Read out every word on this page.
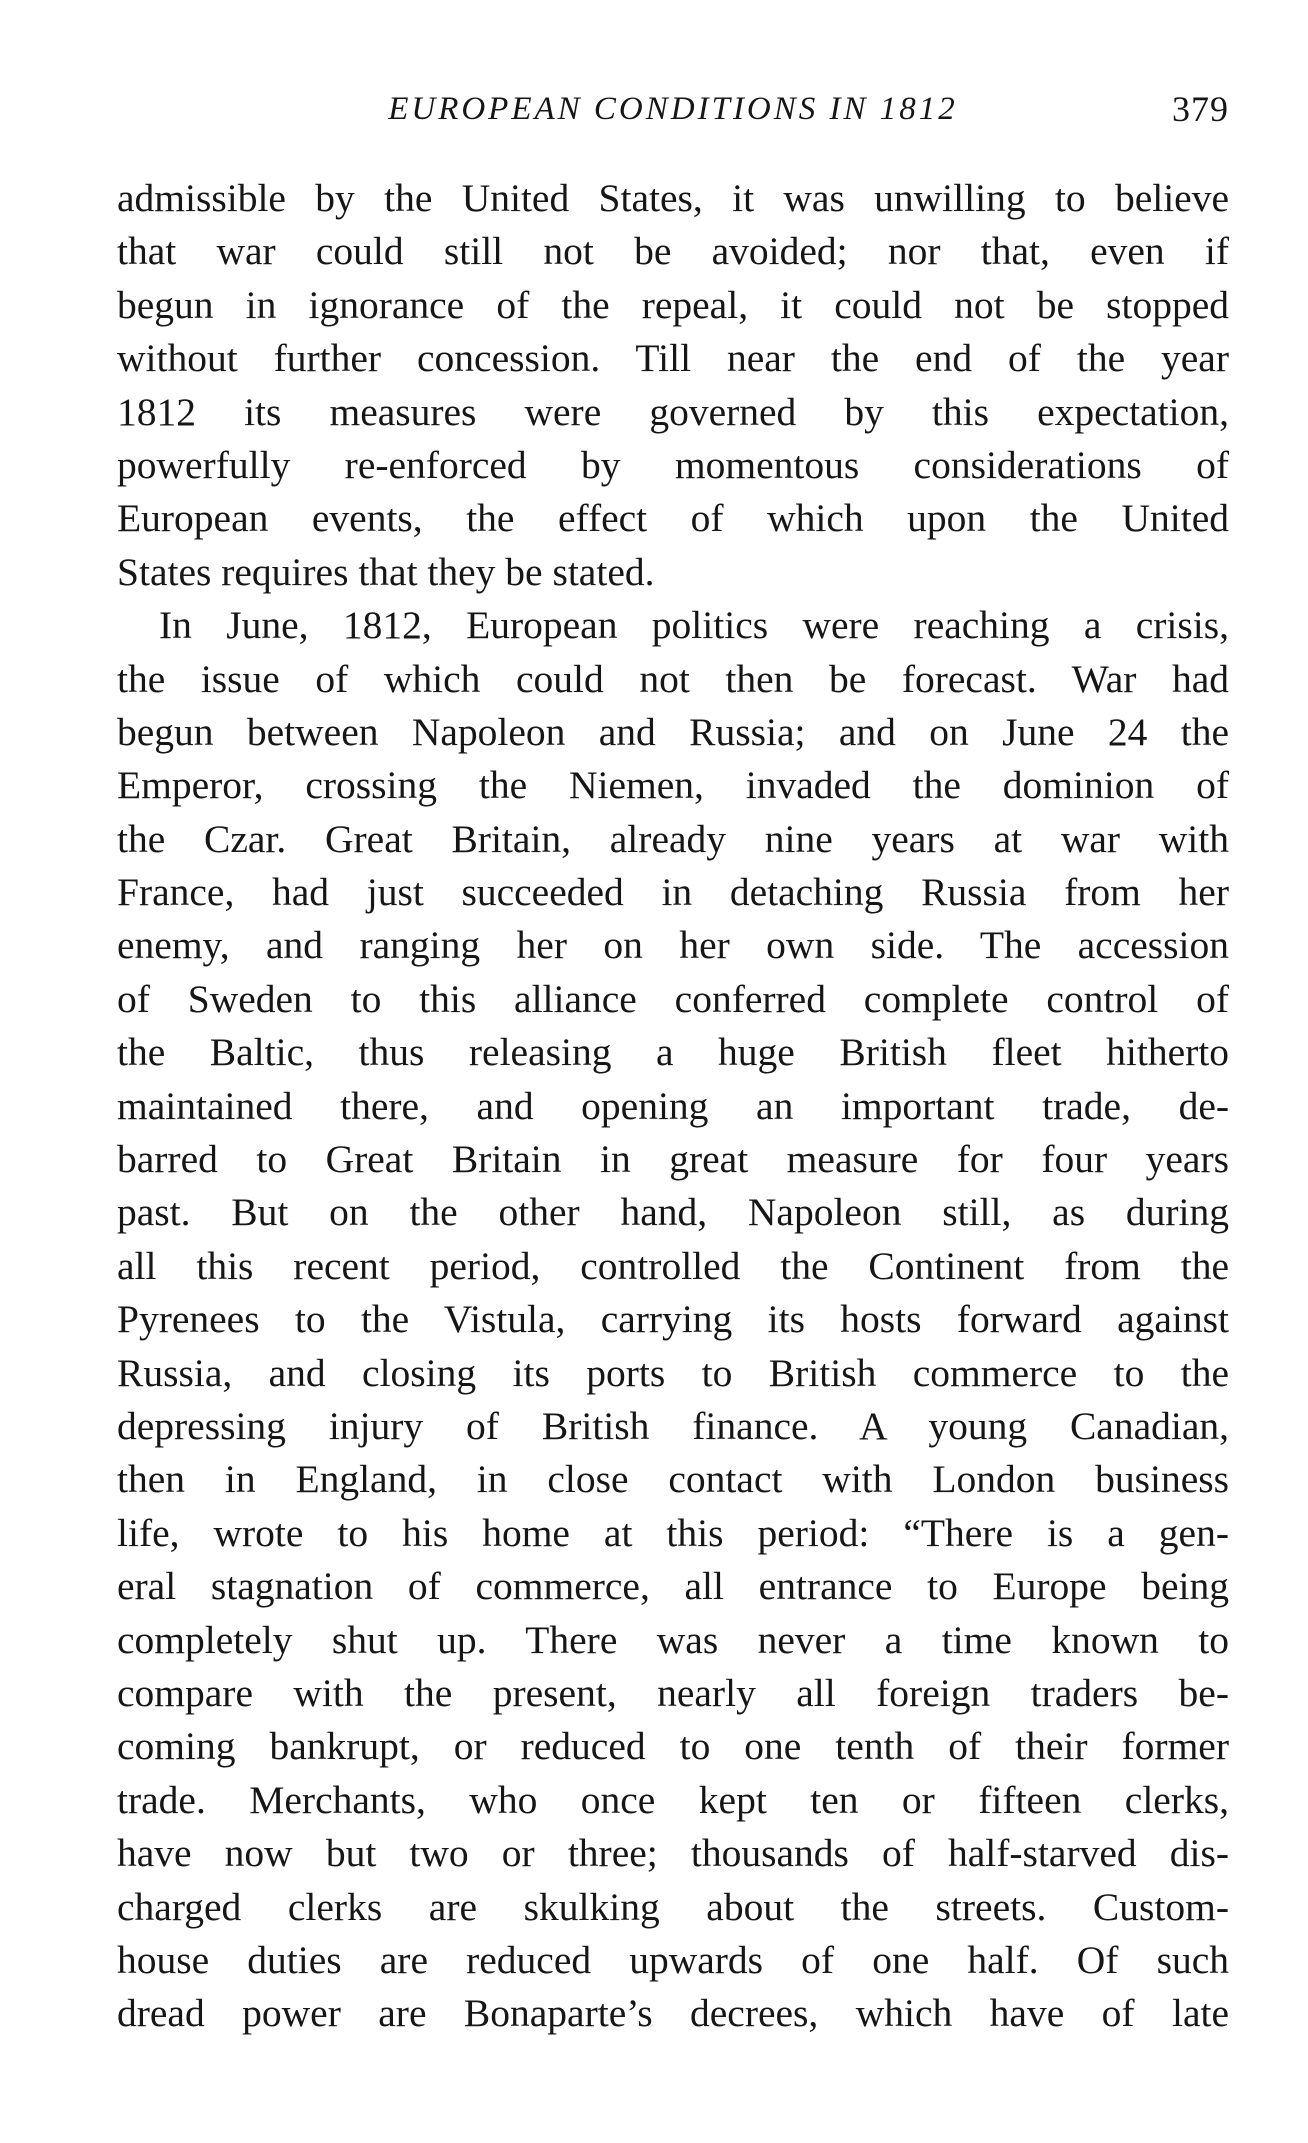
EUROPEAN CONDITIONS IN 1812	379
admissible by the United States, it was unwilling to believe
that war could still not be avoided; nor that, even if
begun in ignorance of the repeal, it could not be stopped
without further concession. Till near the end of the year
1812 its measures were governed by this expectation,
powerfully re-enforced by momentous considerations of
European events, the effect of which upon the United
States requires that they be stated.
In June, 1812, European politics were reaching a crisis,
the issue of which could not then be forecast. War had
begun between Napoleon and Russia; and on June 24 the
Emperor, crossing the Niemen, invaded the dominion of
the Czar. Great Britain, already nine years at war with
France, had just succeeded in detaching Russia from her
enemy, and ranging her on her own side. The accession
of Sweden to this alliance conferred complete control of
the Baltic, thus releasing a huge British fleet hitherto
maintained there, and opening an important trade, de-
barred to Great Britain in great measure for four years
past. But on the other hand, Napoleon still, as during
all this recent period, controlled the Continent from the
Pyrenees to the Vistula, carrying its hosts forward against
Russia, and closing its ports to British commerce to the
depressing injury of British finance. A young Canadian,
then in England, in close contact with London business
life, wrote to his home at this period: “There is a gen-
eral stagnation of commerce, all entrance to Europe being
completely shut up. There was never a time known to
compare with the present, nearly all foreign traders be-
coming bankrupt, or reduced to one tenth of their former
trade. Merchants, who once kept ten or fifteen clerks,
have now but two or three; thousands of half-starved dis-
charged clerks are skulking about the streets. Custom-
house duties are reduced upwards of one half. Of such
dread power are Bonaparte’s decrees, which have of late
